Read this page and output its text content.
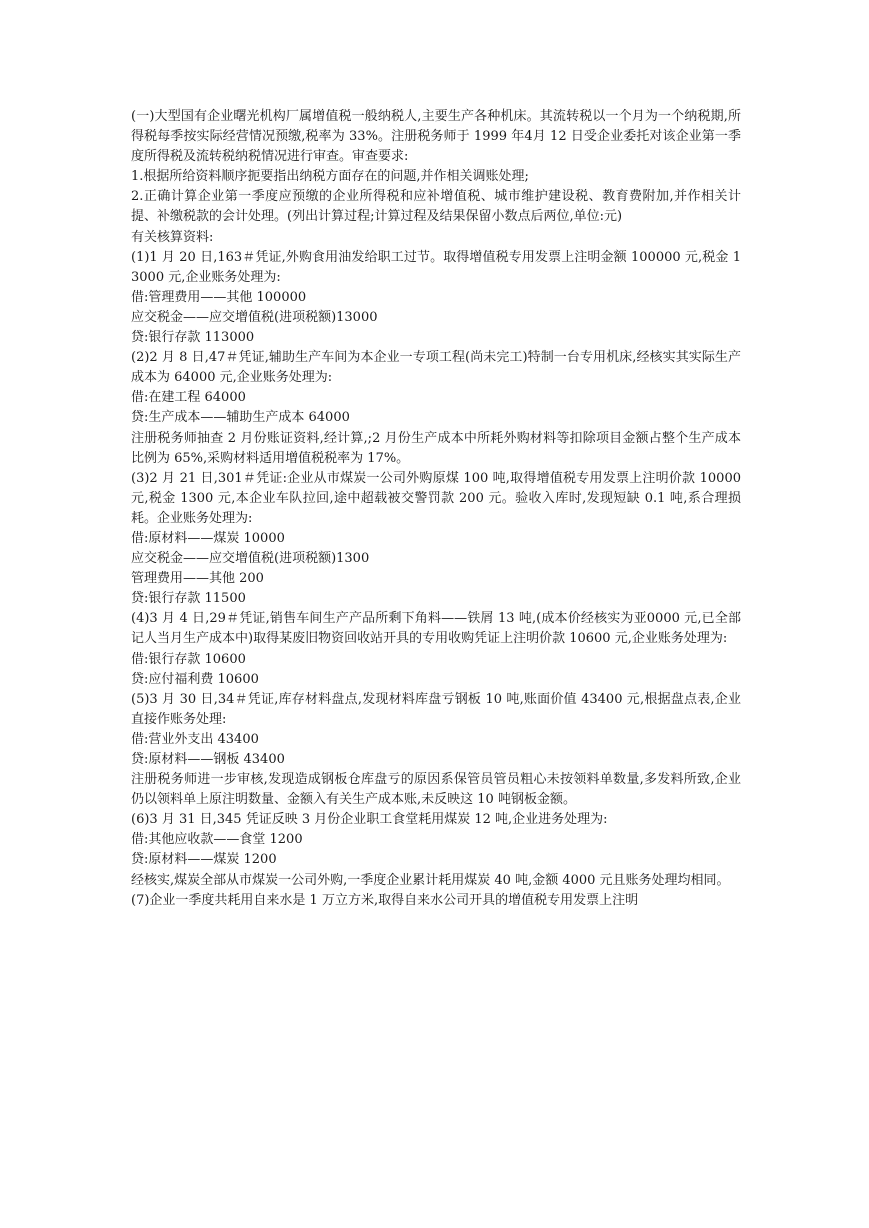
(一)大型国有企业曙光机构厂属增值税一般纳税人,主要生产各种机床。其流转税以一个月为一个纳税期,所得税每季按实际经营情况预缴,税率为 33%。注册税务师于 1999 年4月 12 日受企业委托对该企业第一季度所得税及流转税纳税情况进行审查。审查要求:

1.根据所给资料顺序扼要指出纳税方面存在的问题,并作相关调账处理;

2.正确计算企业第一季度应预缴的企业所得税和应补增值税、城市维护建设税、教育费附加,并作相关计提、补缴税款的会计处理。(列出计算过程;计算过程及结果保留小数点后两位,单位:元)

有关核算资料:

(1)1 月 20 日,163＃凭证,外购食用油发给职工过节。取得增值税专用发票上注明金额 100000 元,税金 13000 元,企业账务处理为:

借:管理费用——其他 100000

应交税金——应交增值税(进项税额)13000

贷:银行存款 113000

(2)2 月 8 日,47＃凭证,辅助生产车间为本企业一专项工程(尚未完工)特制一台专用机床,经核实其实际生产成本为 64000 元,企业账务处理为:

借:在建工程 64000

贷:生产成本——辅助生产成本 64000

注册税务师抽查 2 月份账证资料,经计算,;2 月份生产成本中所耗外购材料等扣除项目金额占整个生产成本比例为 65%,采购材料适用增值税税率为 17%。

(3)2 月 21 日,301＃凭证:企业从市煤炭一公司外购原煤 100 吨,取得增值税专用发票上注明价款 10000 元,税金 1300 元,本企业车队拉回,途中超载被交警罚款 200 元。验收入库时,发现短缺 0.1 吨,系合理损耗。企业账务处理为:

借:原材料——煤炭 10000

应交税金——应交增值税(进项税额)1300

管理费用——其他 200

贷:银行存款 11500

(4)3 月 4 日,29＃凭证,销售车间生产产品所剩下角料——铁屑 13 吨,(成本价经核实为亚0000 元,已全部记人当月生产成本中)取得某废旧物资回收站开具的专用收购凭证上注明价款 10600 元,企业账务处理为:

借:银行存款 10600

贷:应付福利费 10600

(5)3 月 30 日,34＃凭证,库存材料盘点,发现材料库盘亏钢板 10 吨,账面价值 43400 元,根据盘点表,企业直接作账务处理:

借:营业外支出 43400

贷:原材料——钢板 43400

注册税务师进一步审核,发现造成钢板仓库盘亏的原因系保管员管员粗心未按领料单数量,多发料所致,企业仍以领料单上原注明数量、金额入有关生产成本账,未反映这 10 吨钢板金额。

(6)3 月 31 日,345 凭证反映 3 月份企业职工食堂耗用煤炭 12 吨,企业进务处理为:

借:其他应收款——食堂 1200

贷:原材料——煤炭 1200

经核实,煤炭全部从市煤炭一公司外购,一季度企业累计耗用煤炭 40 吨,金额 4000 元且账务处理均相同。

(7)企业一季度共耗用自来水是 1 万立方米,取得自来水公司开具的增值税专用发票上注明
